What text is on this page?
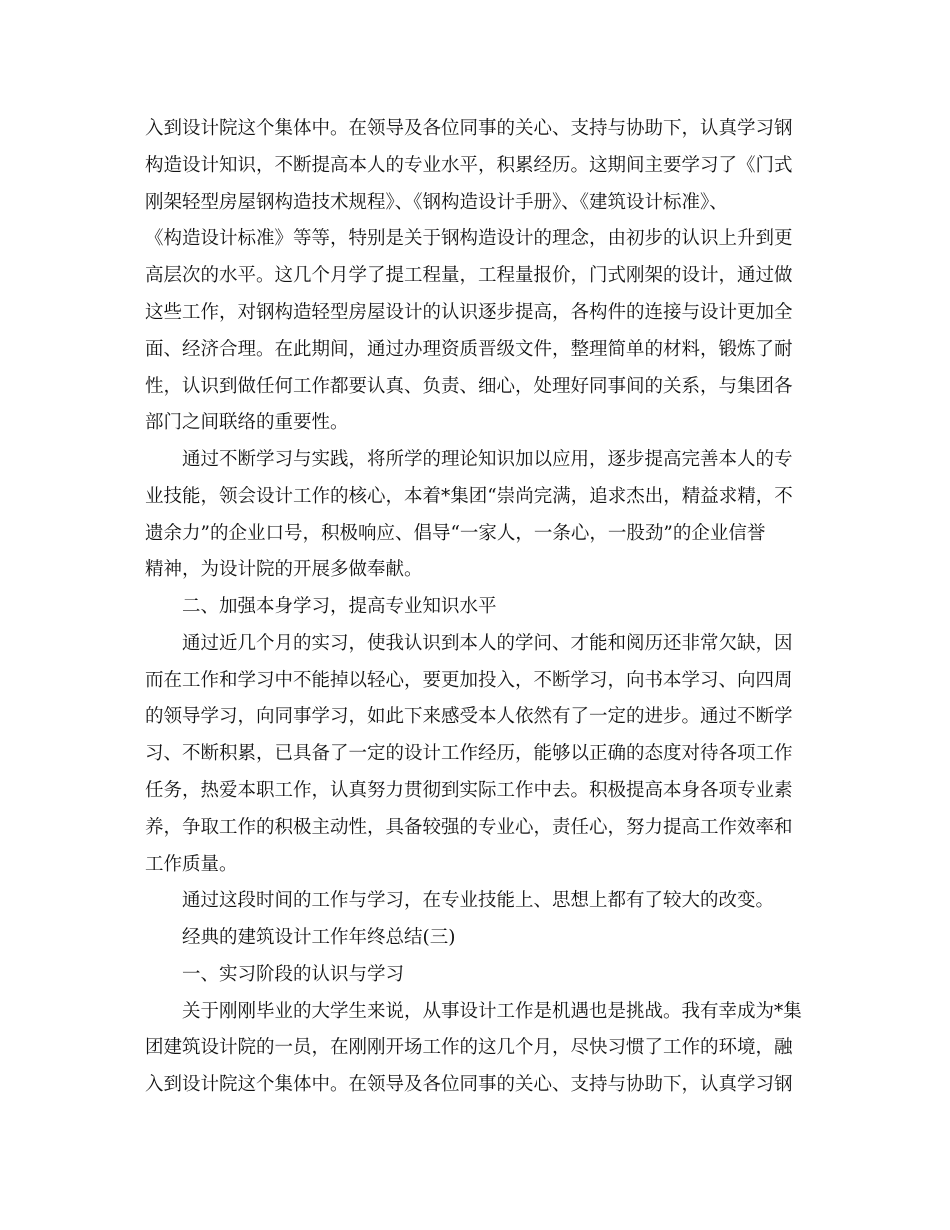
入到设计院这个集体中。在领导及各位同事的关心、支持与协助下，认真学习钢
构造设计知识，不断提高本人的专业水平，积累经历。这期间主要学习了《门式
刚架轻型房屋钢构造技术规程》、《钢构造设计手册》、《建筑设计标准》、
《构造设计标准》等等，特别是关于钢构造设计的理念，由初步的认识上升到更
高层次的水平。这几个月学了提工程量，工程量报价，门式刚架的设计，通过做
这些工作，对钢构造轻型房屋设计的认识逐步提高，各构件的连接与设计更加全
面、经济合理。在此期间，通过办理资质晋级文件，整理简单的材料，锻炼了耐
性，认识到做任何工作都要认真、负责、细心，处理好同事间的关系，与集团各
部门之间联络的重要性。
通过不断学习与实践，将所学的理论知识加以应用，逐步提高完善本人的专
业技能，领会设计工作的核心，本着*集团“崇尚完满，追求杰出，精益求精，不
遗余力”的企业口号，积极响应、倡导“一家人，一条心，一股劲”的企业信誉
精神，为设计院的开展多做奉献。
二、加强本身学习，提高专业知识水平
通过近几个月的实习，使我认识到本人的学问、才能和阅历还非常欠缺，因
而在工作和学习中不能掉以轻心，要更加投入，不断学习，向书本学习、向四周
的领导学习，向同事学习，如此下来感受本人依然有了一定的进步。通过不断学
习、不断积累，已具备了一定的设计工作经历，能够以正确的态度对待各项工作
任务，热爱本职工作，认真努力贯彻到实际工作中去。积极提高本身各项专业素
养，争取工作的积极主动性，具备较强的专业心，责任心，努力提高工作效率和
工作质量。
通过这段时间的工作与学习，在专业技能上、思想上都有了较大的改变。
经典的建筑设计工作年终总结(三)
一、实习阶段的认识与学习
关于刚刚毕业的大学生来说，从事设计工作是机遇也是挑战。我有幸成为*集
团建筑设计院的一员，在刚刚开场工作的这几个月，尽快习惯了工作的环境，融
入到设计院这个集体中。在领导及各位同事的关心、支持与协助下，认真学习钢
